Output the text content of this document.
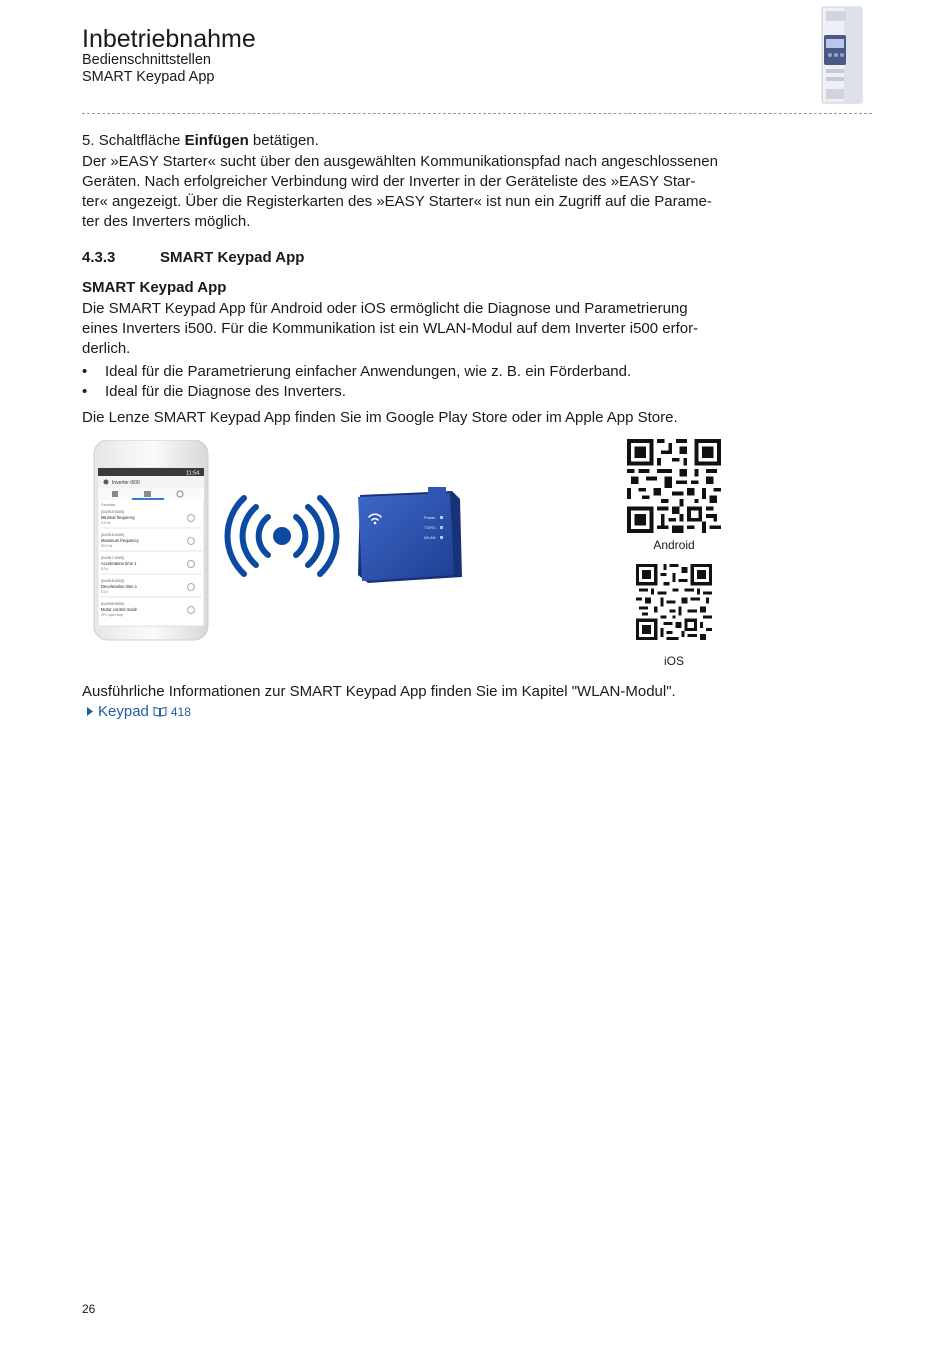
Inbetriebnahme
Bedienschnittstellen
SMART Keypad App
5. Schaltfläche Einfügen betätigen.
Der »EASY Starter« sucht über den ausgewählten Kommunikationspfad nach angeschlossenen
Geräten. Nach erfolgreicher Verbindung wird der Inverter in der Geräteliste des »EASY Star-
ter« angezeigt. Über die Registerkarten des »EASY Starter« ist nun ein Zugriff auf die Parame-
ter des Inverters möglich.
4.3.3	SMART Keypad App
SMART Keypad App
Die SMART Keypad App für Android oder iOS ermöglicht die Diagnose und Parametrierung
eines Inverters i500. Für die Kommunikation ist ein WLAN-Modul auf dem Inverter i500 erfor-
derlich.
• Ideal für die Parametrierung einfacher Anwendungen, wie z. B. ein Förderband.
• Ideal für die Diagnose des Inverters.
Die Lenze SMART Keypad App finden Sie im Google Play Store oder im Apple App Store.
11:54
Inverter i500
Favorites
[0x2915:0000]
Minimal frequency
0.0 Hz
[0x2916:0000]
Maximum frequency
50.0 Hz
[0x2917:0000]
Acceleration time 1
5.0 s
[0x2918:0000]
Deceleration time 1
5.0 s
[0x2939:0000]
Motor control mode
VFC open loop
Power
TX/RX
WLAN
Android
iOS
Ausführliche Informationen zur SMART Keypad App finden Sie im Kapitel "WLAN-Modul".
Keypad 418
26
